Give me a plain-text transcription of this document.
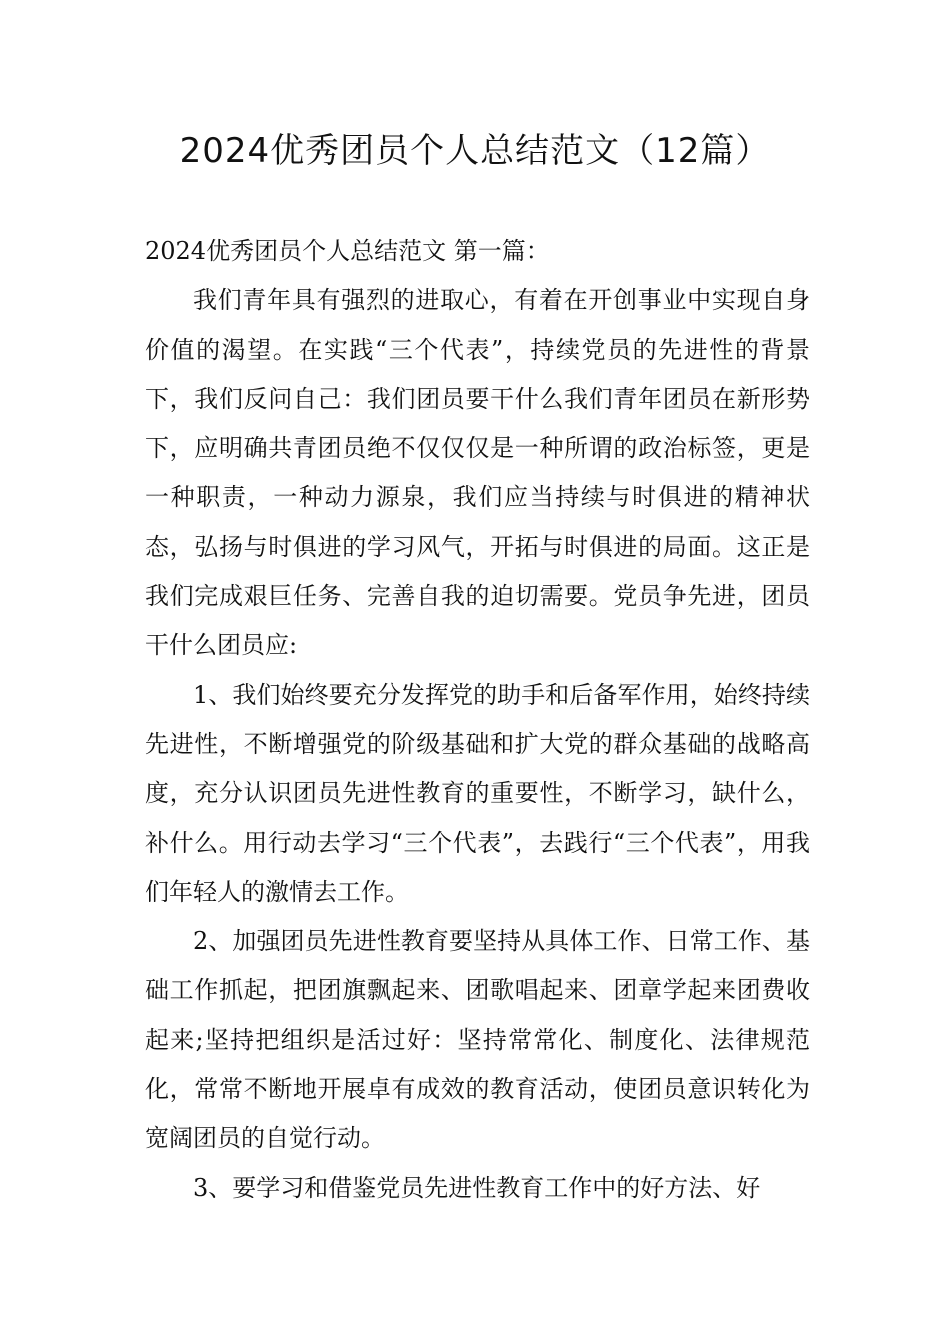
2024优秀团员个人总结范文（12篇）

2024优秀团员个人总结范文 第一篇：

我们青年具有强烈的进取心，有着在开创事业中实现自身价值的渴望。在实践“三个代表”，持续党员的先进性的背景下，我们反问自己：我们团员要干什么我们青年团员在新形势下，应明确共青团员绝不仅仅仅是一种所谓的政治标签，更是一种职责，一种动力源泉，我们应当持续与时俱进的精神状态，弘扬与时俱进的学习风气，开拓与时俱进的局面。这正是我们完成艰巨任务、完善自我的迫切需要。党员争先进，团员干什么团员应:

1、我们始终要充分发挥党的助手和后备军作用，始终持续先进性，不断增强党的阶级基础和扩大党的群众基础的战略高度，充分认识团员先进性教育的重要性，不断学习，缺什么，补什么。用行动去学习“三个代表”，去践行“三个代表”，用我们年轻人的激情去工作。

2、加强团员先进性教育要坚持从具体工作、日常工作、基础工作抓起，把团旗飘起来、团歌唱起来、团章学起来团费收起来;坚持把组织是活过好：坚持常常化、制度化、法律规范化，常常不断地开展卓有成效的教育活动，使团员意识转化为宽阔团员的自觉行动。

3、要学习和借鉴党员先进性教育工作中的好方法、好
